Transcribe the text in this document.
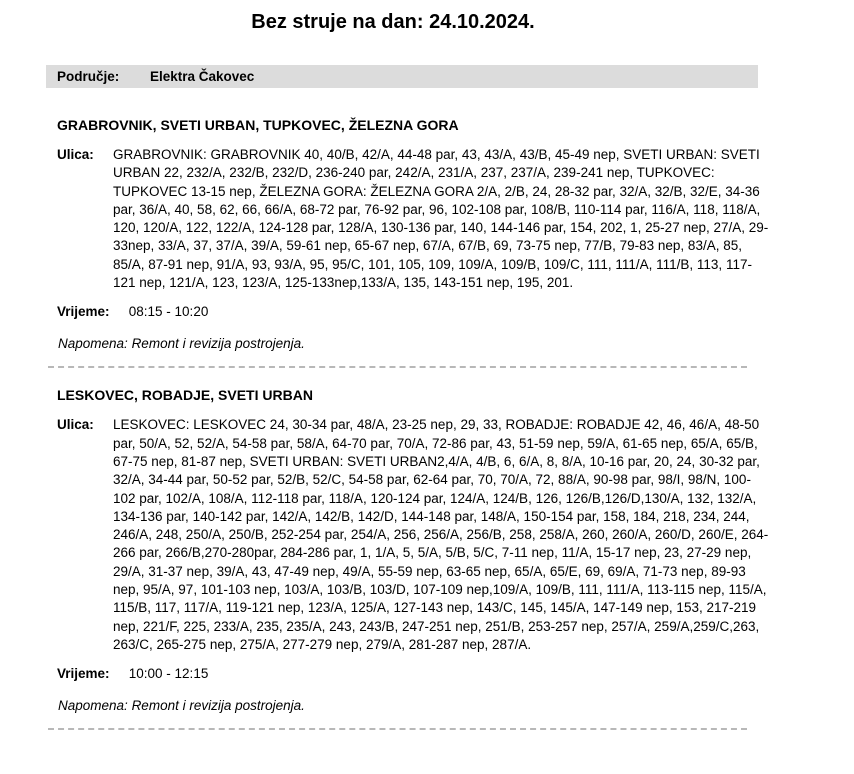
Bez struje na dan: 24.10.2024.
Područje:	Elektra Čakovec
GRABROVNIK, SVETI URBAN, TUPKOVEC, ŽELEZNA GORA
Ulica:	GRABROVNIK: GRABROVNIK 40, 40/B, 42/A, 44-48 par, 43, 43/A, 43/B, 45-49 nep, SVETI URBAN: SVETI URBAN 22, 232/A, 232/B, 232/D, 236-240 par, 242/A, 231/A, 237, 237/A, 239-241 nep, TUPKOVEC: TUPKOVEC 13-15 nep, ŽELEZNA GORA: ŽELEZNA GORA 2/A, 2/B, 24, 28-32 par, 32/A, 32/B, 32/E, 34-36 par, 36/A, 40, 58, 62, 66, 66/A, 68-72 par, 76-92 par, 96, 102-108 par, 108/B, 110-114 par, 116/A, 118, 118/A, 120, 120/A, 122, 122/A, 124-128 par, 128/A, 130-136 par, 140, 144-146 par, 154, 202, 1, 25-27 nep, 27/A, 29-33nep, 33/A, 37, 37/A, 39/A, 59-61 nep, 65-67 nep, 67/A, 67/B, 69, 73-75 nep, 77/B, 79-83 nep, 83/A, 85, 85/A, 87-91 nep, 91/A, 93, 93/A, 95, 95/C, 101, 105, 109, 109/A, 109/B, 109/C, 111, 111/A, 111/B, 113, 117-121 nep, 121/A, 123, 123/A, 125-133nep,133/A, 135, 143-151 nep, 195, 201.
Vrijeme: 08:15 - 10:20
Napomena: Remont i revizija postrojenja.
LESKOVEC, ROBADJE, SVETI URBAN
Ulica:	LESKOVEC: LESKOVEC 24, 30-34 par, 48/A, 23-25 nep, 29, 33, ROBADJE: ROBADJE 42, 46, 46/A, 48-50 par, 50/A, 52, 52/A, 54-58 par, 58/A, 64-70 par, 70/A, 72-86 par, 43, 51-59 nep, 59/A, 61-65 nep, 65/A, 65/B, 67-75 nep, 81-87 nep, SVETI URBAN: SVETI URBAN2,4/A, 4/B, 6, 6/A, 8, 8/A, 10-16 par, 20, 24, 30-32 par, 32/A, 34-44 par, 50-52 par, 52/B, 52/C, 54-58 par, 62-64 par, 70, 70/A, 72, 88/A, 90-98 par, 98/I, 98/N, 100-102 par, 102/A, 108/A, 112-118 par, 118/A, 120-124 par, 124/A, 124/B, 126, 126/B,126/D,130/A, 132, 132/A, 134-136 par, 140-142 par, 142/A, 142/B, 142/D, 144-148 par, 148/A, 150-154 par, 158, 184, 218, 234, 244, 246/A, 248, 250/A, 250/B, 252-254 par, 254/A, 256, 256/A, 256/B, 258, 258/A, 260, 260/A, 260/D, 260/E, 264-266 par, 266/B,270-280par, 284-286 par, 1, 1/A, 5, 5/A, 5/B, 5/C, 7-11 nep, 11/A, 15-17 nep, 23, 27-29 nep, 29/A, 31-37 nep, 39/A, 43, 47-49 nep, 49/A, 55-59 nep, 63-65 nep, 65/A, 65/E, 69, 69/A, 71-73 nep, 89-93 nep, 95/A, 97, 101-103 nep, 103/A, 103/B, 103/D, 107-109 nep,109/A, 109/B, 111, 111/A, 113-115 nep, 115/A, 115/B, 117, 117/A, 119-121 nep, 123/A, 125/A, 127-143 nep, 143/C, 145, 145/A, 147-149 nep, 153, 217-219 nep, 221/F, 225, 233/A, 235, 235/A, 243, 243/B, 247-251 nep, 251/B, 253-257 nep, 257/A, 259/A,259/C,263, 263/C, 265-275 nep, 275/A, 277-279 nep, 279/A, 281-287 nep, 287/A.
Vrijeme: 10:00 - 12:15
Napomena: Remont i revizija postrojenja.
